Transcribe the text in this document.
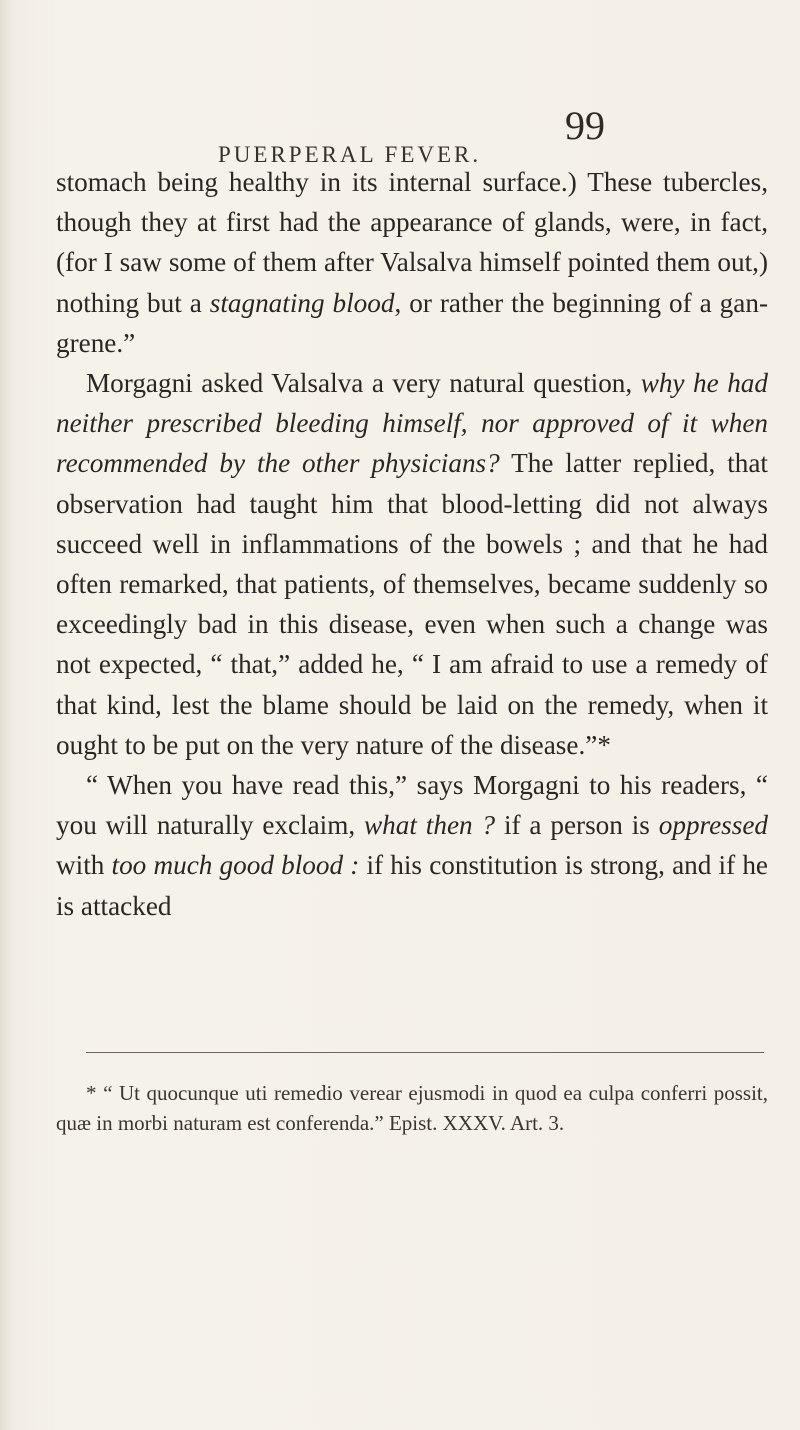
PUERPERAL FEVER.
99

stomach being healthy in its internal surface.) These tubercles, though they at first had the appearance of glands, were, in fact, (for I saw some of them after Valsalva himself pointed them out,) nothing but a stagnating blood, or rather the beginning of a gangrene.”

Morgagni asked Valsalva a very natural question, why he had neither prescribed bleeding himself, nor approved of it when recommended by the other physicians? The latter replied, that observation had taught him that blood-letting did not always succeed well in inflammations of the bowels ; and that he had often remarked, that patients, of themselves, became suddenly so exceedingly bad in this disease, even when such a change was not expected, “ that,” added he, “ I am afraid to use a remedy of that kind, lest the blame should be laid on the remedy, when it ought to be put on the very nature of the disease.”*

“ When you have read this,” says Morgagni to his readers, “ you will naturally exclaim, what then ? if a person is oppressed with too much good blood : if his constitution is strong, and if he is attacked

* “ Ut quocunque uti remedio verear ejusmodi in quod ea culpa conferri possit, quæ in morbi naturam est conferenda.” Epist. XXXV. Art. 3.
